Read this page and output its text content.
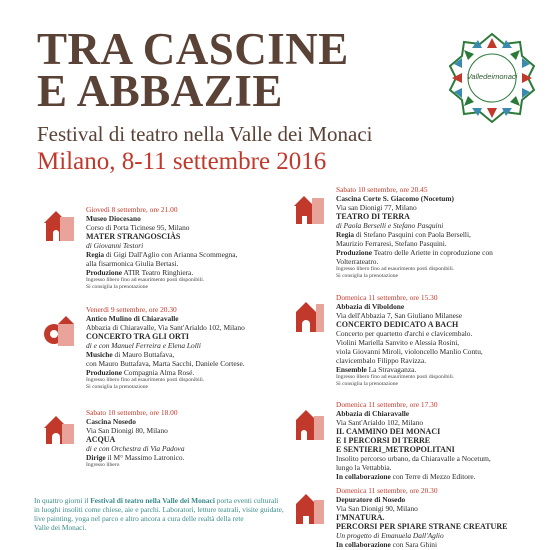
TRA CASCINE
E ABBAZIE
Festival di teatro nella Valle dei Monaci
Milano, 8-11 settembre 2016
Valledeimonaci
Giovedì 8 settembre, ore 21.00
Museo Diocesano
Corso di Porta Ticinese 95, Milano
MATER STRANGOSCIÀS
di Giovanni Testori
Regia di Gigi Dall'Aglio con Arianna Scommegna,
alla fisarmonica Giulia Bertasi.
Produzione ATIR Teatro Ringhiera.
Ingresso libero fino ad esaurimento posti disponibili.
Si consiglia la prenotazione
Venerdì 9 settembre, ore 20.30
Antico Mulino di Chiaravalle
Abbazia di Chiaravalle, Via Sant'Arialdo 102, Milano
CONCERTO TRA GLI ORTI
di e con Manuel Ferreira e Elena Lolli
Musiche di Mauro Buttafava,
con Mauro Buttafava, Marta Sacchi, Daniele Cortese.
Produzione Compagnia Alma Rosé.
Ingresso libero fino ad esaurimento posti disponibili.
Si consiglia la prenotazione
Sabato 10 settembre, ore 18.00
Cascina Nosedo
Via San Dionigi 80, Milano
ACQUA
di e con Orchestra di Via Padova
Dirige il M° Massimo Latronico.
Ingresso libero
Sabato 10 settembre, ore 20.45
Cascina Corte S. Giacomo (Nocetum)
Via san Dionigi 77, Milano
TEATRO DI TERRA
di Paola Berselli e Stefano Pasquini
Regia di Stefano Pasquini con Paola Berselli,
Maurizio Ferraresi, Stefano Pasquini.
Produzione Teatro delle Ariette in coproduzione con
Volterrateatro.
Ingresso libero fino ad esaurimento posti disponibili.
Si consiglia la prenotazione
Domenica 11 settembre, ore 15.30
Abbazia di Viboldone
Via dell'Abbazia 7, San Giuliano Milanese
CONCERTO DEDICATO A BACH
Concerto per quartetto d'archi e clavicembalo.
Violini Mariella Sanvito e Alessia Rosini,
viola Giovanni Miroli, violoncello Manlio Contu,
clavicembalo Filippo Ravizza.
Ensemble La Stravaganza.
Ingresso libero fino ad esaurimento posti disponibili.
Si consiglia la prenotazione
Domenica 11 settembre, ore 17.30
Abbazia di Chiaravalle
Via Sant'Arialdo 102, Milano
IL CAMMINO DEI MONACI
E I PERCORSI DI TERRE
E SENTIERI_METROPOLITANI
Insolito percorso urbano, da Chiaravalle a Nocetum,
lungo la Vettabbia.
In collaborazione con Terre di Mezzo Editore.
Domenica 11 settembre, ore 20.30
Depuratore di Nosedo
Via San Dionigi 90, Milano
I'MNATURA.
PERCORSI PER SPIARE STRANE CREATURE
Un progetto di Emanuela Dall'Aglio
In collaborazione con Sara Ghini
In quattro giorni il Festival di teatro nella Valle dei Monaci porta eventi culturali
in luoghi insoliti come chiese, aie e parchi. Laboratori, letture teatrali, visite guidate,
live painting, yoga nel parco e altro ancora a cura delle realtà della rete
Valle dei Monaci.
